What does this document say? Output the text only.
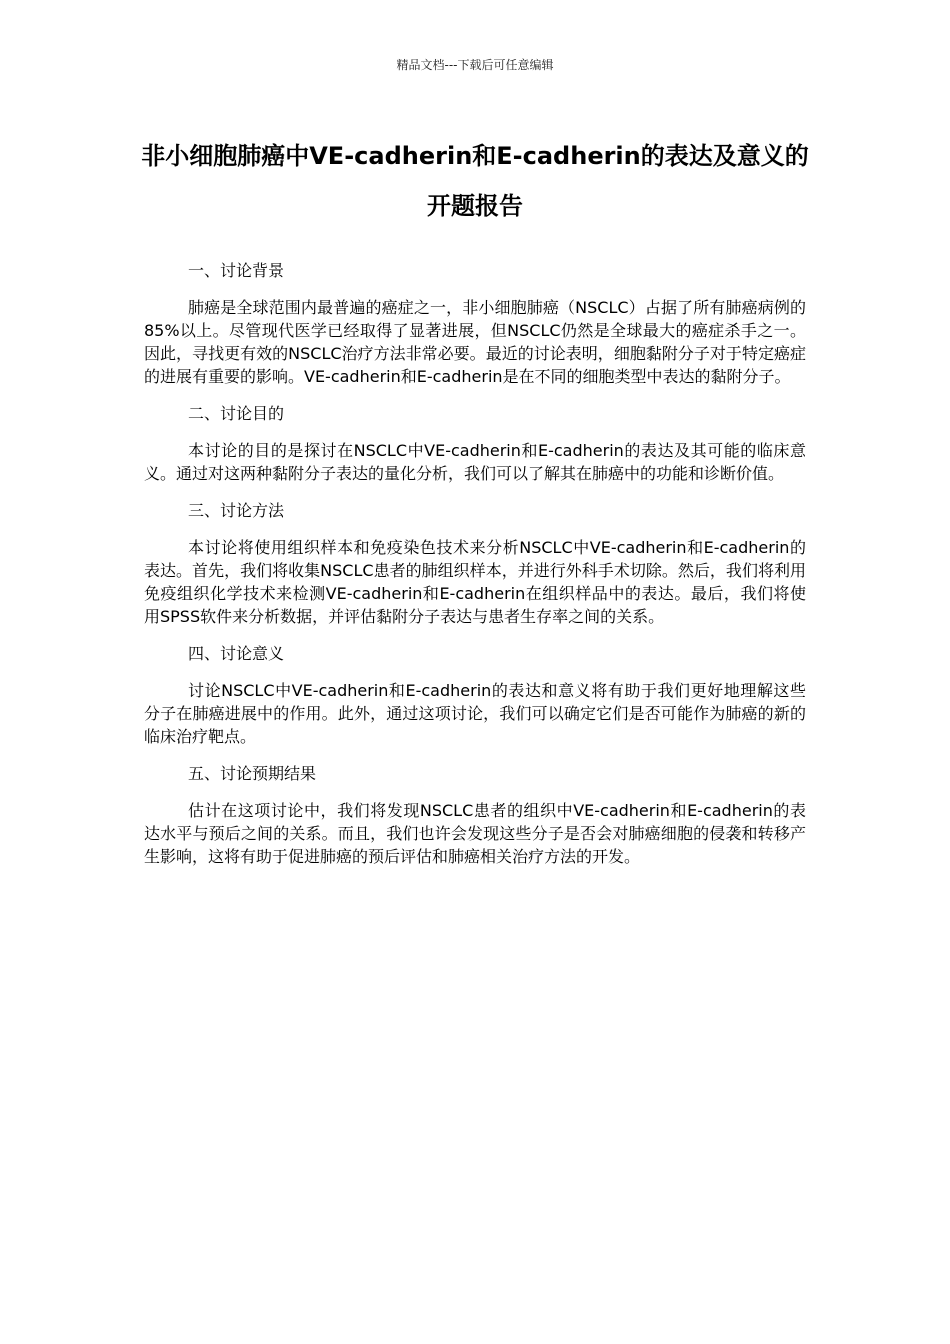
精品文档---下载后可任意编辑
非小细胞肺癌中VE-cadherin和E-cadherin的表达及意义的开题报告

一、讨论背景

肺癌是全球范围内最普遍的癌症之一，非小细胞肺癌（NSCLC）占据了所有肺癌病例的85%以上。尽管现代医学已经取得了显著进展，但NSCLC仍然是全球最大的癌症杀手之一。因此，寻找更有效的NSCLC治疗方法非常必要。最近的讨论表明，细胞黏附分子对于特定癌症的进展有重要的影响。VE-cadherin和E-cadherin是在不同的细胞类型中表达的黏附分子。

二、讨论目的

本讨论的目的是探讨在NSCLC中VE-cadherin和E-cadherin的表达及其可能的临床意义。通过对这两种黏附分子表达的量化分析，我们可以了解其在肺癌中的功能和诊断价值。

三、讨论方法

本讨论将使用组织样本和免疫染色技术来分析NSCLC中VE-cadherin和E-cadherin的表达。首先，我们将收集NSCLC患者的肺组织样本，并进行外科手术切除。然后，我们将利用免疫组织化学技术来检测VE-cadherin和E-cadherin在组织样品中的表达。最后，我们将使用SPSS软件来分析数据，并评估黏附分子表达与患者生存率之间的关系。

四、讨论意义

讨论NSCLC中VE-cadherin和E-cadherin的表达和意义将有助于我们更好地理解这些分子在肺癌进展中的作用。此外，通过这项讨论，我们可以确定它们是否可能作为肺癌的新的临床治疗靶点。

五、讨论预期结果

估计在这项讨论中，我们将发现NSCLC患者的组织中VE-cadherin和E-cadherin的表达水平与预后之间的关系。而且，我们也许会发现这些分子是否会对肺癌细胞的侵袭和转移产生影响，这将有助于促进肺癌的预后评估和肺癌相关治疗方法的开发。
